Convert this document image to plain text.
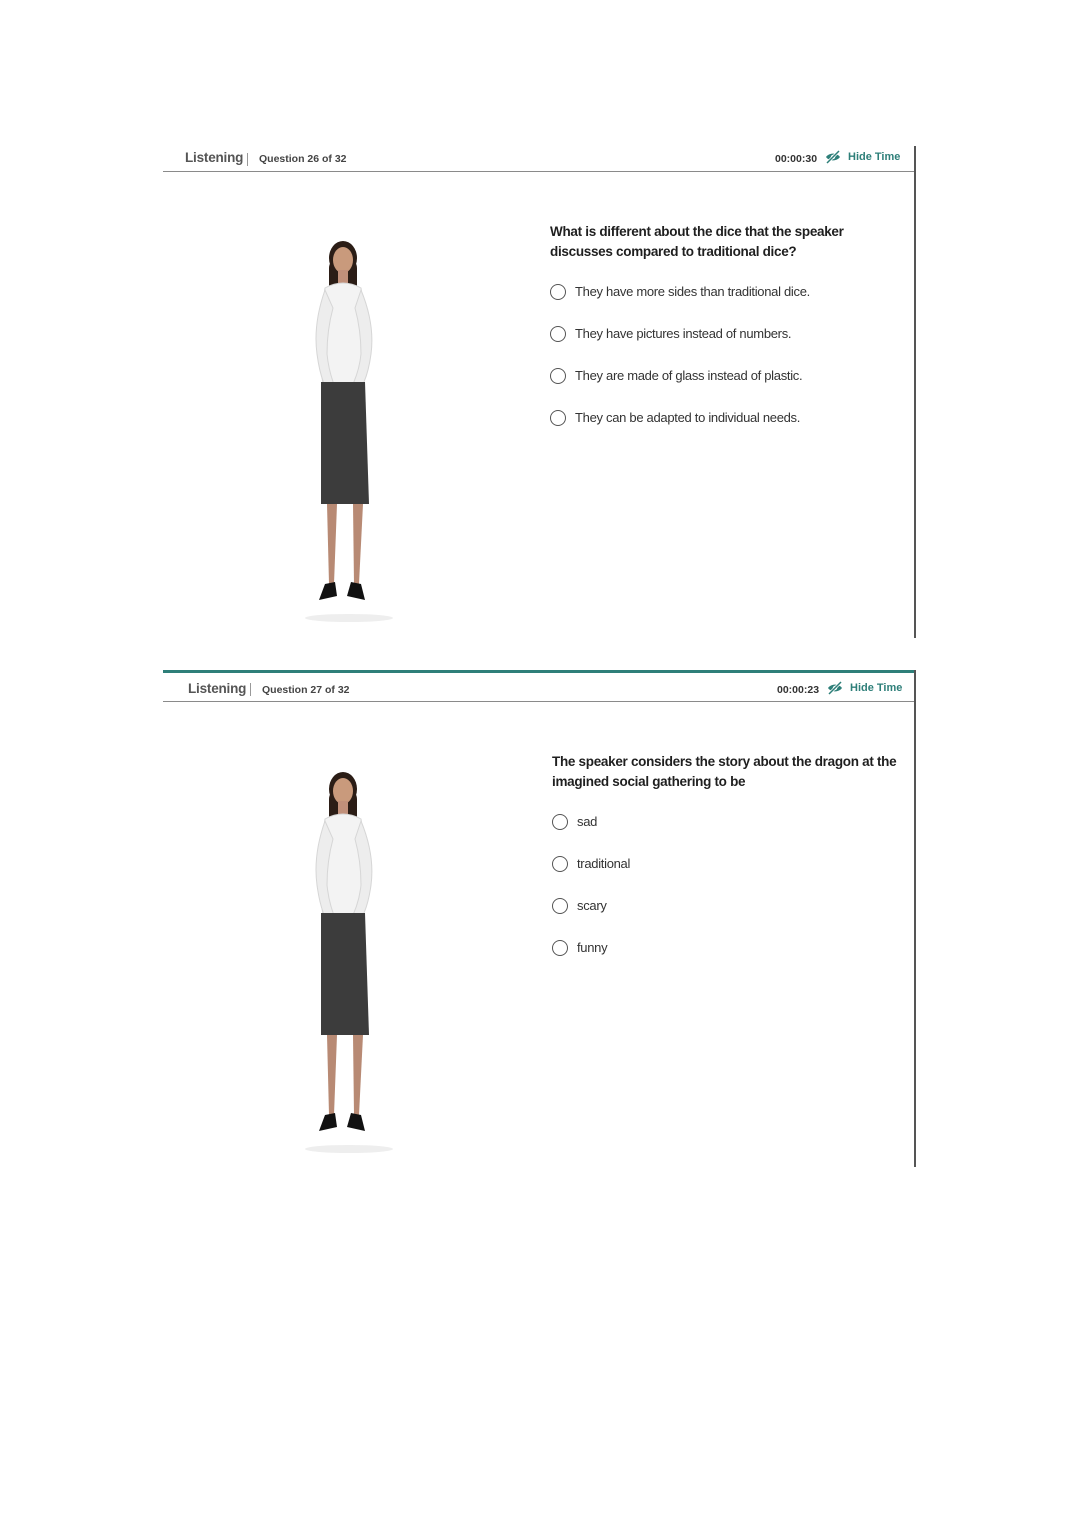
Listening Question 26 of 32	00:00:30	Hide Time
What is different about the dice that the speaker discusses compared to traditional dice?
They have more sides than traditional dice.
They have pictures instead of numbers.
They are made of glass instead of plastic.
They can be adapted to individual needs.
Listening Question 27 of 32	00:00:23	Hide Time
The speaker considers the story about the dragon at the imagined social gathering to be
sad
traditional
scary
funny
